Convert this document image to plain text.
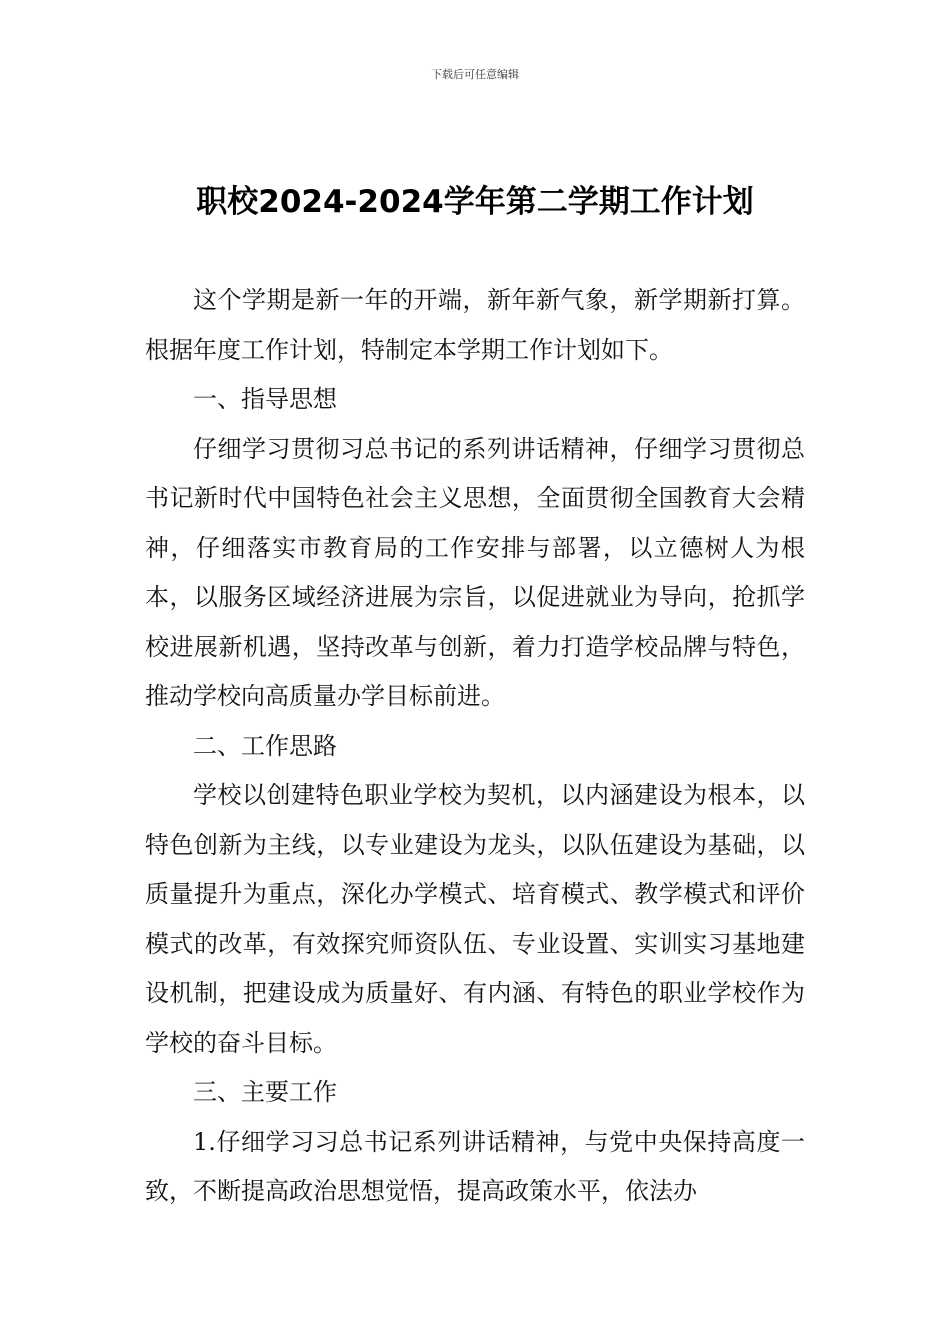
下载后可任意编辑
职校2024-2024学年第二学期工作计划

这个学期是新一年的开端，新年新气象，新学期新打算。根据年度工作计划，特制定本学期工作计划如下。

一、指导思想

仔细学习贯彻习总书记的系列讲话精神，仔细学习贯彻总书记新时代中国特色社会主义思想，全面贯彻全国教育大会精神，仔细落实市教育局的工作安排与部署，以立德树人为根本，以服务区域经济进展为宗旨，以促进就业为导向，抢抓学校进展新机遇，坚持改革与创新，着力打造学校品牌与特色，推动学校向高质量办学目标前进。

二、工作思路

学校以创建特色职业学校为契机，以内涵建设为根本，以特色创新为主线，以专业建设为龙头，以队伍建设为基础，以质量提升为重点，深化办学模式、培育模式、教学模式和评价模式的改革，有效探究师资队伍、专业设置、实训实习基地建设机制，把建设成为质量好、有内涵、有特色的职业学校作为学校的奋斗目标。

三、主要工作

1.仔细学习习总书记系列讲话精神，与党中央保持高度一致，不断提高政治思想觉悟，提高政策水平，依法办
